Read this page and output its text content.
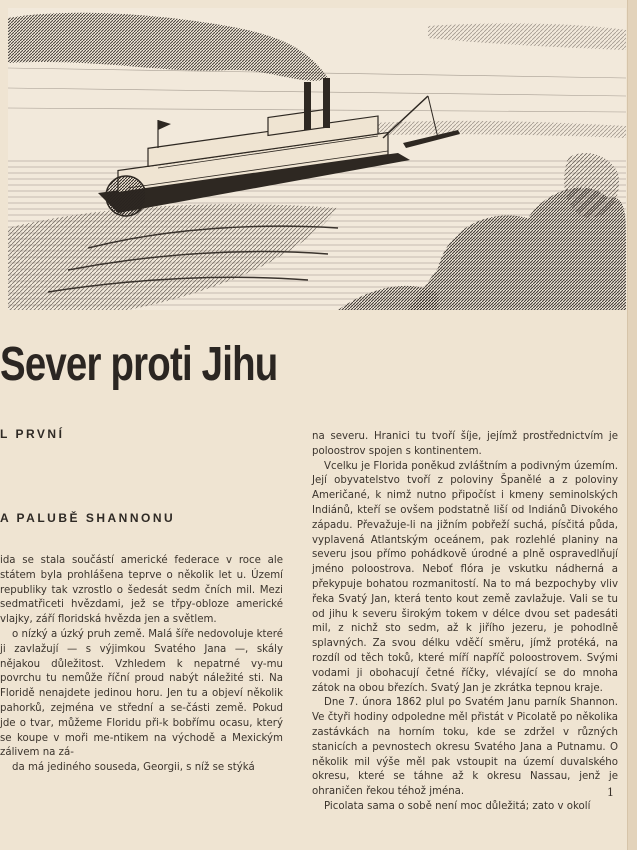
Sever proti Jihu
L PRVNÍ
A PALUBĚ SHANNONU

ida se stala součástí americké federace v roce ale státem byla prohlášena teprve o několik let u. Území republiky tak vzrostlo o šedesát sedm čních mil. Mezi sedmatřiceti hvězdami, jež se třpy-obloze americké vlajky, září floridská hvězda jen a světlem.

o nízký a úzký pruh země. Malá šíře nedovoluje které ji zavlažují — s výjimkou Svatého Jana —, skály nějakou důležitost. Vzhledem k nepatrné vy-mu povrchu tu nemůže říční proud nabýt náležité sti. Na Floridě nenajdete jedinou horu. Jen tu a objeví několik pahorků, zejména ve střední a se-části země. Pokud jde o tvar, můžeme Floridu při-k bobřímu ocasu, který se koupe v moři me-ntikem na východě a Mexickým zálivem na zá-

da má jediného souseda, Georgii, s níž se stýká

na severu. Hranici tu tvoří šíje, jejímž prostřednictvím je poloostrov spojen s kontinentem.

Vcelku je Florida poněkud zvláštním a podivným územím. Její obyvatelstvo tvoří z poloviny Španělé a z poloviny Američané, k nimž nutno připočíst i kmeny seminolských Indiánů, kteří se ovšem podstatně liší od Indiánů Divokého západu. Převažuje-li na jižním pobřeží suchá, písčitá půda, vyplavená Atlantským oceánem, pak rozlehlé planiny na severu jsou přímo pohádkově úrodné a plně ospravedlňují jméno poloostrova. Neboť flóra je vskutku nádherná a překypuje bohatou rozmanitostí. Na to má bezpochyby vliv řeka Svatý Jan, která tento kout země zavlažuje. Vali se tu od jihu k severu širokým tokem v délce dvou set padesáti mil, z nichž sto sedm, až k jiřího jezeru, je pohodlně splavných. Za svou délku vděčí směru, jímž protéká, na rozdíl od těch toků, které míří napříč poloostrovem. Svými vodami ji obohacují četné říčky, vlévající se do mnoha zátok na obou březích. Svatý Jan je zkrátka tepnou kraje.

Dne 7. února 1862 plul po Svatém Janu parník Shannon. Ve čtyři hodiny odpoledne měl přistát v Picolatě po několika zastávkách na horním toku, kde se zdržel v různých stanicích a pevnostech okresu Svatého Jana a Putnamu. O několik mil výše měl pak vstoupit na území duvalského okresu, které se táhne až k okresu Nassau, jenž je ohraničen řekou téhož jména.

Picolata sama o sobě není moc důležitá; zato v okolí

1
